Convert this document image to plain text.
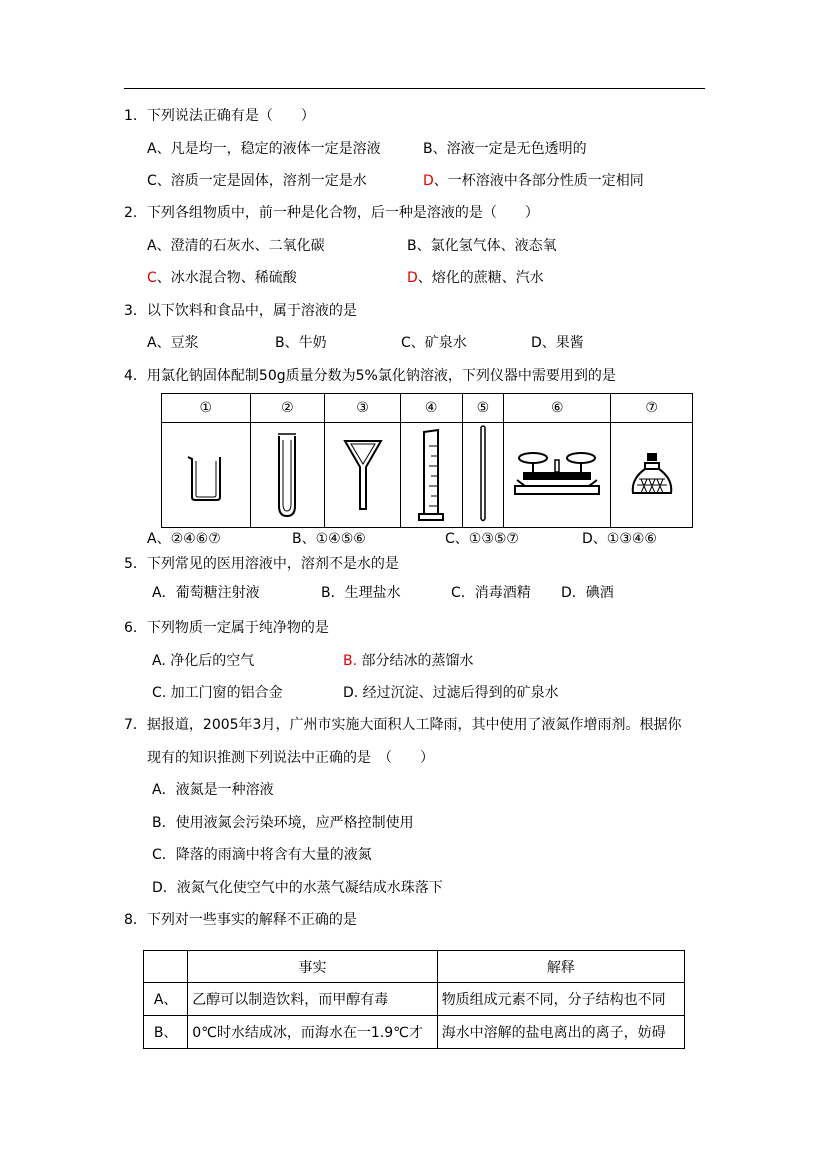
1．下列说法正确有是（　　）
A、凡是均一，稳定的液体一定是溶液	B、溶液一定是无色透明的
C、溶质一定是固体，溶剂一定是水	D、一杯溶液中各部分性质一定相同
2．下列各组物质中，前一种是化合物，后一种是溶液的是（　　）
A、澄清的石灰水、二氧化碳	B、氯化氢气体、液态氧
C、冰水混合物、稀硫酸	D、熔化的蔗糖、汽水
3．以下饮料和食品中，属于溶液的是
A、豆浆	B、牛奶	C、矿泉水	D、果酱
4．用氯化钠固体配制50g质量分数为5%氯化钠溶液，下列仪器中需要用到的是
①	②	③	④	⑤	⑥	⑦

A、②④⑥⑦	B、①④⑤⑥	C、①③⑤⑦	D、①③④⑥
5．下列常见的医用溶液中，溶剂不是水的是
A．葡萄糖注射液	B．生理盐水	C．消毒酒精 D．碘酒
6．下列物质一定属于纯净物的是
A. 净化后的空气	B. 部分结冰的蒸馏水
C. 加工门窗的铝合金	D. 经过沉淀、过滤后得到的矿泉水
7．据报道，2005年3月，广州市实施大面积人工降雨，其中使用了液氮作增雨剂。根据你
现有的知识推测下列说法中正确的是　（　　）
A．液氮是一种溶液
B．使用液氮会污染环境，应严格控制使用
C．降落的雨滴中将含有大量的液氮
D．液氮气化使空气中的水蒸气凝结成水珠落下
8．下列对一些事实的解释不正确的是
	事实	解释
A、	乙醇可以制造饮料，而甲醇有毒	物质组成元素不同，分子结构也不同
B、	0℃时水结成冰，而海水在一1.9℃才	海水中溶解的盐电离出的离子，妨碍
